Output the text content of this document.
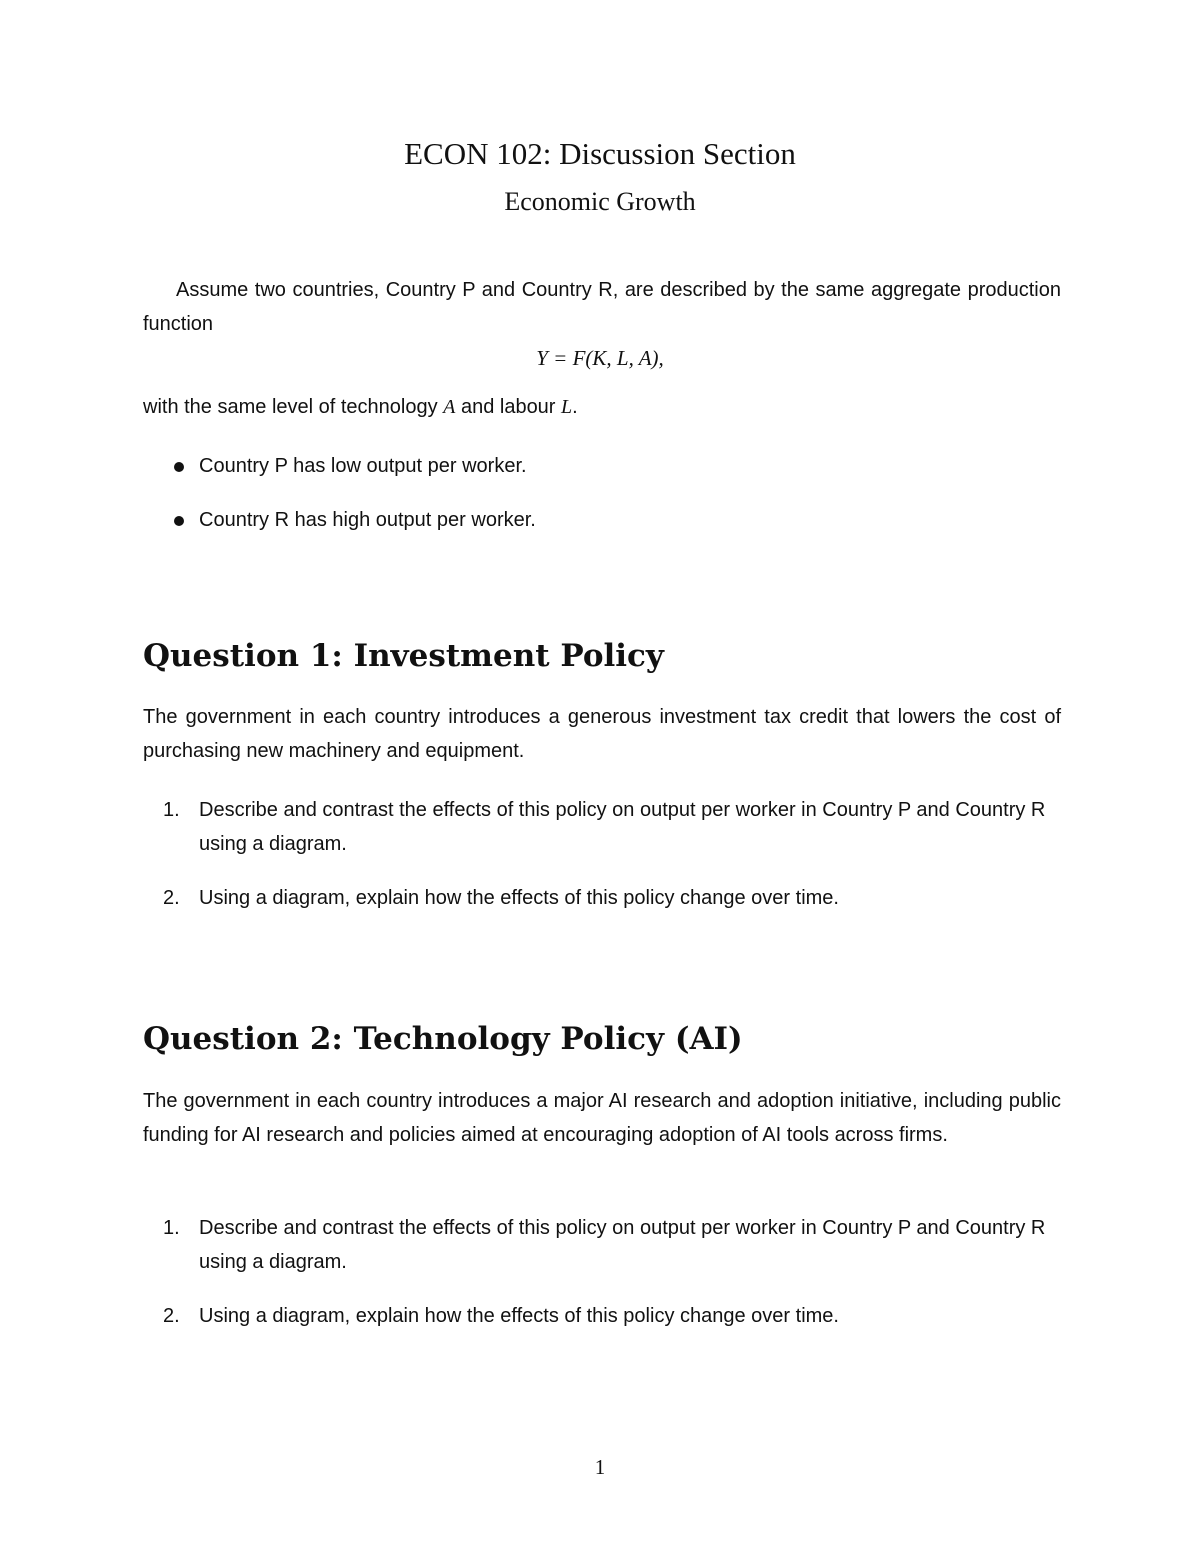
ECON 102: Discussion Section
Economic Growth

Assume two countries, Country P and Country R, are described by the same aggregate production function

Y = F(K, L, A),

with the same level of technology A and labour L.

Country P has low output per worker.
Country R has high output per worker.
Question 1: Investment Policy

The government in each country introduces a generous investment tax credit that lowers the cost of purchasing new machinery and equipment.

1. Describe and contrast the effects of this policy on output per worker in Country P and Country R using a diagram.
2. Using a diagram, explain how the effects of this policy change over time.
Question 2: Technology Policy (AI)

The government in each country introduces a major AI research and adoption initiative, including public funding for AI research and policies aimed at encouraging adoption of AI tools across firms.

1. Describe and contrast the effects of this policy on output per worker in Country P and Country R using a diagram.
2. Using a diagram, explain how the effects of this policy change over time.
1
